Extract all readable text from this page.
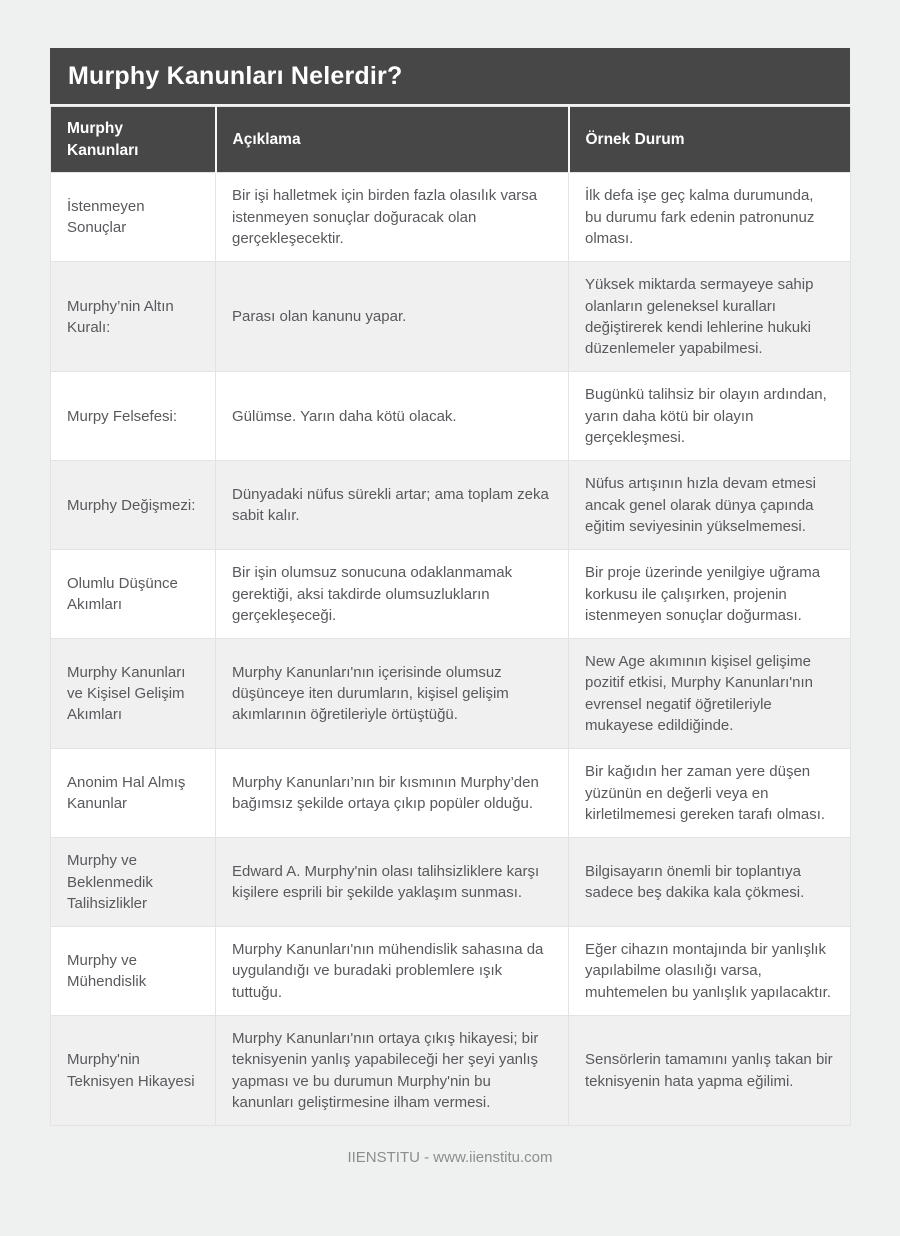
Murphy Kanunları Nelerdir?
Murphy Kanunları	Açıklama	Örnek Durum
İstenmeyen Sonuçlar	Bir işi halletmek için birden fazla olasılık varsa istenmeyen sonuçlar doğuracak olan gerçekleşecektir.	İlk defa işe geç kalma durumunda, bu durumu fark edenin patronunuz olması.
Murphy’nin Altın Kuralı:	Parası olan kanunu yapar.	Yüksek miktarda sermayeye sahip olanların geleneksel kuralları değiştirerek kendi lehlerine hukuki düzenlemeler yapabilmesi.
Murpy Felsefesi:	Gülümse. Yarın daha kötü olacak.	Bugünkü talihsiz bir olayın ardından, yarın daha kötü bir olayın gerçekleşmesi.
Murphy Değişmezi:	Dünyadaki nüfus sürekli artar; ama toplam zeka sabit kalır.	Nüfus artışının hızla devam etmesi ancak genel olarak dünya çapında eğitim seviyesinin yükselmemesi.
Olumlu Düşünce Akımları	Bir işin olumsuz sonucuna odaklanmamak gerektiği, aksi takdirde olumsuzlukların gerçekleşeceği.	Bir proje üzerinde yenilgiye uğrama korkusu ile çalışırken, projenin istenmeyen sonuçlar doğurması.
Murphy Kanunları ve Kişisel Gelişim Akımları	Murphy Kanunları'nın içerisinde olumsuz düşünceye iten durumların, kişisel gelişim akımlarının öğretileriyle örtüştüğü.	New Age akımının kişisel gelişime pozitif etkisi, Murphy Kanunları'nın evrensel negatif öğretileriyle mukayese edildiğinde.
Anonim Hal Almış Kanunlar	Murphy Kanunları’nın bir kısmının Murphy’den bağımsız şekilde ortaya çıkıp popüler olduğu.	Bir kağıdın her zaman yere düşen yüzünün en değerli veya en kirletilmemesi gereken tarafı olması.
Murphy ve Beklenmedik Talihsizlikler	Edward A. Murphy'nin olası talihsizliklere karşı kişilere esprili bir şekilde yaklaşım sunması.	Bilgisayarın önemli bir toplantıya sadece beş dakika kala çökmesi.
Murphy ve Mühendislik	Murphy Kanunları'nın mühendislik sahasına da uygulandığı ve buradaki problemlere ışık tuttuğu.	Eğer cihazın montajında bir yanlışlık yapılabilme olasılığı varsa, muhtemelen bu yanlışlık yapılacaktır.
Murphy'nin Teknisyen Hikayesi	Murphy Kanunları'nın ortaya çıkış hikayesi; bir teknisyenin yanlış yapabileceği her şeyi yanlış yapması ve bu durumun Murphy'nin bu kanunları geliştirmesine ilham vermesi.	Sensörlerin tamamını yanlış takan bir teknisyenin hata yapma eğilimi.
IIENSTITU - www.iienstitu.com
